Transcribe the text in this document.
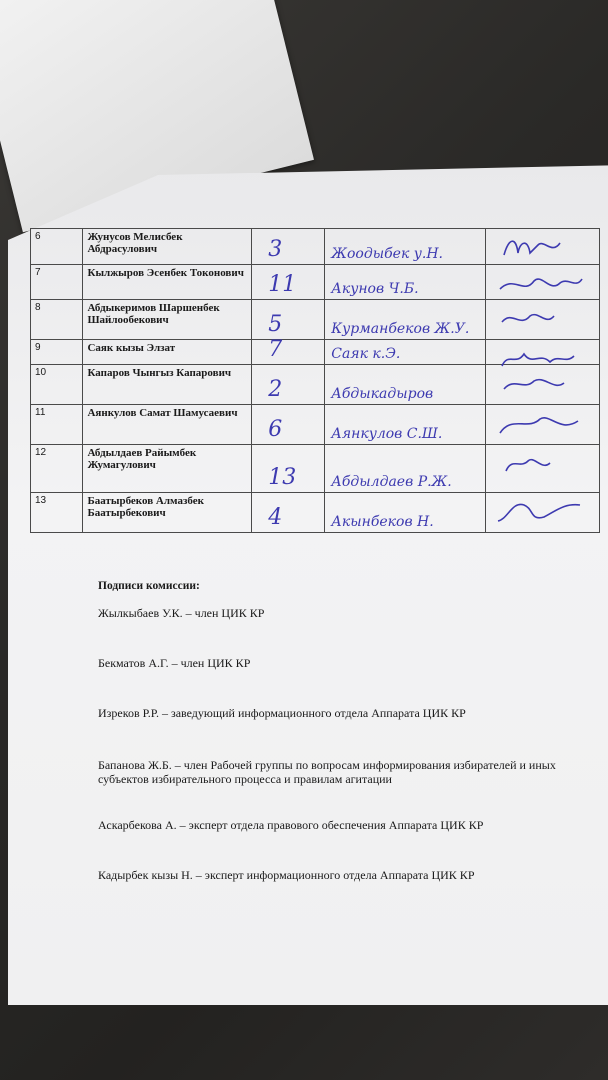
6	Жунусов Мелисбек Абдрасулович	3	Жоодыбек у.Н.

7	Кылжыров Эсенбек Токонович	11	Акунов Ч.Б.

8	Абдыкеримов Шаршенбек Шайлообекович	5	Курманбеков Ж.У.

9	Саяк кызы Элзат	7	Саяк к.Э.

10	Капаров Чынгыз Капарович	2	Абдыкадыров

11	Аянкулов Самат Шамусаевич	6	Аянкулов С.Ш.

12	Абдылдаев Райымбек Жумагулович	13	Абдылдаев Р.Ж.

13	Баатырбеков Алмазбек Баатырбекович	4	Акынбеков Н.

Подписи комиссии:

Жылкыбаев У.К. – член ЦИК КР

Бекматов А.Г. – член ЦИК КР

Изреков Р.Р. – заведующий информационного отдела Аппарата ЦИК КР

Бапанова Ж.Б. – член Рабочей группы по вопросам информирования избирателей и иных субъектов избирательного процесса и правилам агитации

Аскарбекова А. – эксперт отдела правового обеспечения Аппарата ЦИК КР

Кадырбек кызы Н. – эксперт информационного отдела Аппарата ЦИК КР
